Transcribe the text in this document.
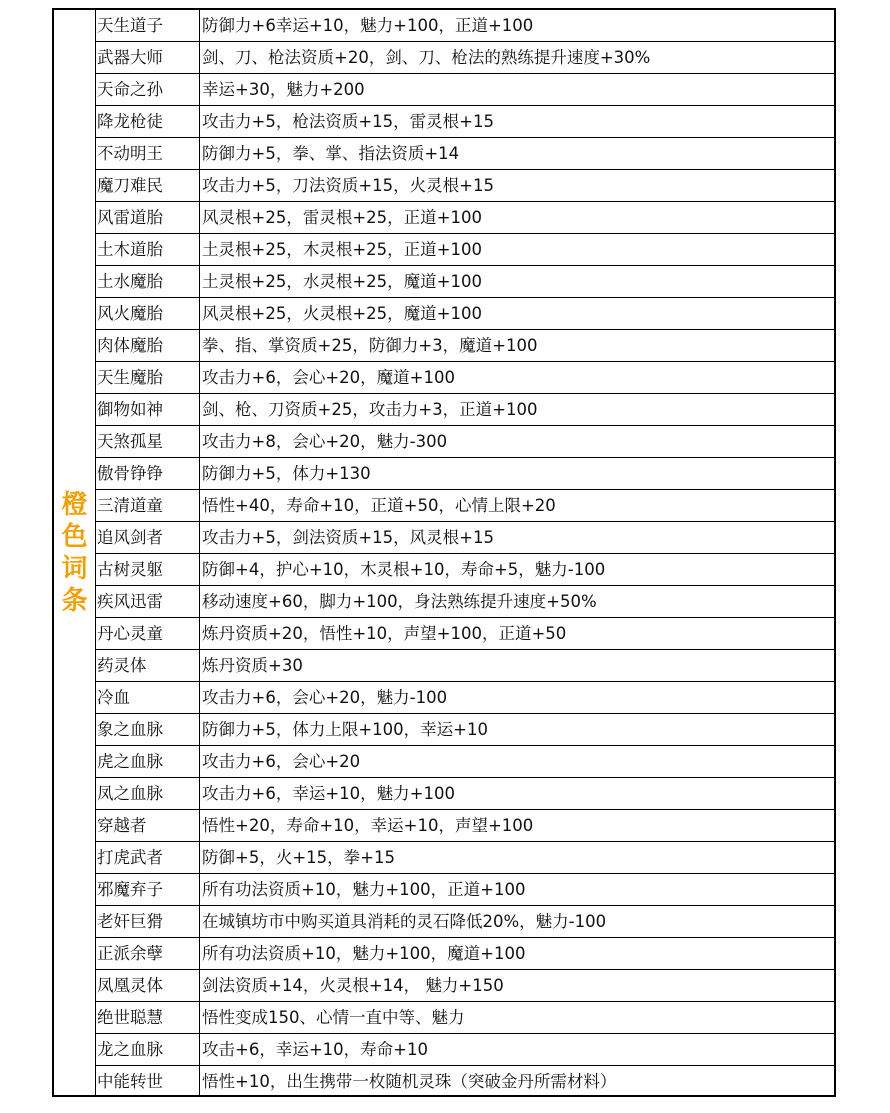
橙
色
词
条
天生道子	防御力+6幸运+10，魅力+100，正道+100
武器大师	剑、刀、枪法资质+20，剑、刀、枪法的熟练提升速度+30%
天命之孙	幸运+30，魅力+200
降龙枪徒	攻击力+5，枪法资质+15，雷灵根+15
不动明王	防御力+5，拳、掌、指法资质+14
魔刀难民	攻击力+5，刀法资质+15，火灵根+15
风雷道胎	风灵根+25，雷灵根+25，正道+100
土木道胎	土灵根+25，木灵根+25，正道+100
土水魔胎	土灵根+25，水灵根+25，魔道+100
风火魔胎	风灵根+25，火灵根+25，魔道+100
肉体魔胎	拳、指、掌资质+25，防御力+3，魔道+100
天生魔胎	攻击力+6，会心+20，魔道+100
御物如神	剑、枪、刀资质+25，攻击力+3，正道+100
天煞孤星	攻击力+8，会心+20，魅力-300
傲骨铮铮	防御力+5，体力+130
三清道童	悟性+40，寿命+10，正道+50，心情上限+20
追风剑者	攻击力+5，剑法资质+15，风灵根+15
古树灵躯	防御+4，护心+10，木灵根+10，寿命+5，魅力-100
疾风迅雷	移动速度+60，脚力+100，身法熟练提升速度+50%
丹心灵童	炼丹资质+20，悟性+10，声望+100，正道+50
药灵体	炼丹资质+30
冷血	攻击力+6，会心+20，魅力-100
象之血脉	防御力+5，体力上限+100，幸运+10
虎之血脉	攻击力+6，会心+20
凤之血脉	攻击力+6，幸运+10，魅力+100
穿越者	悟性+20，寿命+10，幸运+10，声望+100
打虎武者	防御+5，火+15，拳+15
邪魔弃子	所有功法资质+10，魅力+100，正道+100
老奸巨猾	在城镇坊市中购买道具消耗的灵石降低20%，魅力-100
正派余孽	所有功法资质+10，魅力+100，魔道+100
凤凰灵体	剑法资质+14，火灵根+14， 魅力+150
绝世聪慧	悟性变成150、心情一直中等、魅力
龙之血脉	攻击+6，幸运+10，寿命+10
中能转世	悟性+10，出生携带一枚随机灵珠（突破金丹所需材料）
